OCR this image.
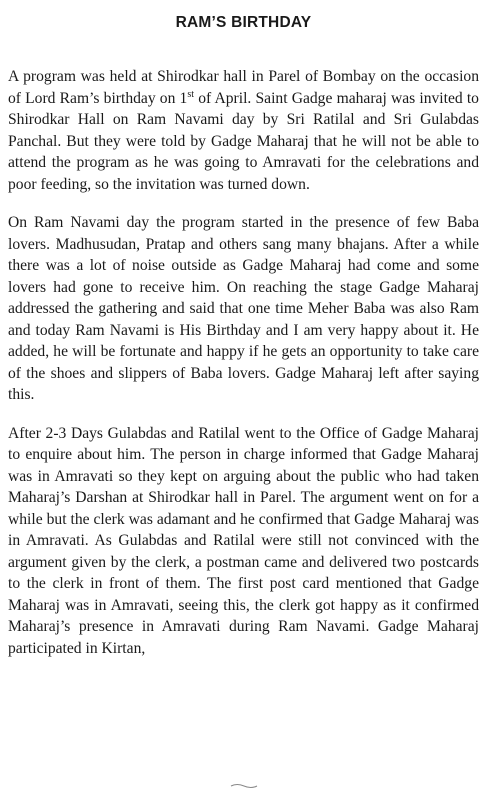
RAM’S BIRTHDAY

A program was held at Shirodkar hall in Parel of Bombay on the occasion of Lord Ram’s birthday on 1st of April. Saint Gadge maharaj was invited to Shirodkar Hall on Ram Navami day by Sri Ratilal and Sri Gulabdas Panchal. But they were told by Gadge Maharaj that he will not be able to attend the program as he was going to Amravati for the celebrations and poor feeding, so the invitation was turned down.

On Ram Navami day the program started in the presence of few Baba lovers. Madhusudan, Pratap and others sang many bhajans. After a while there was a lot of noise outside as Gadge Maharaj had come and some lovers had gone to receive him. On reaching the stage Gadge Maharaj addressed the gathering and said that one time Meher Baba was also Ram and today Ram Navami is His Birthday and I am very happy about it. He added, he will be fortunate and happy if he gets an opportunity to take care of the shoes and slippers of Baba lovers. Gadge Maharaj left after saying this.

After 2-3 Days Gulabdas and Ratilal went to the Office of Gadge Maharaj to enquire about him. The person in charge informed that Gadge Maharaj was in Amravati so they kept on arguing about the public who had taken Maharaj’s Darshan at Shirodkar hall in Parel. The argument went on for a while but the clerk was adamant and he confirmed that Gadge Maharaj was in Amravati. As Gulabdas and Ratilal were still not convinced with the argument given by the clerk, a postman came and delivered two postcards to the clerk in front of them. The first post card mentioned that Gadge Maharaj was in Amravati, seeing this, the clerk got happy as it confirmed Maharaj’s presence in Amravati during Ram Navami. Gadge Maharaj participated in Kirtan,
